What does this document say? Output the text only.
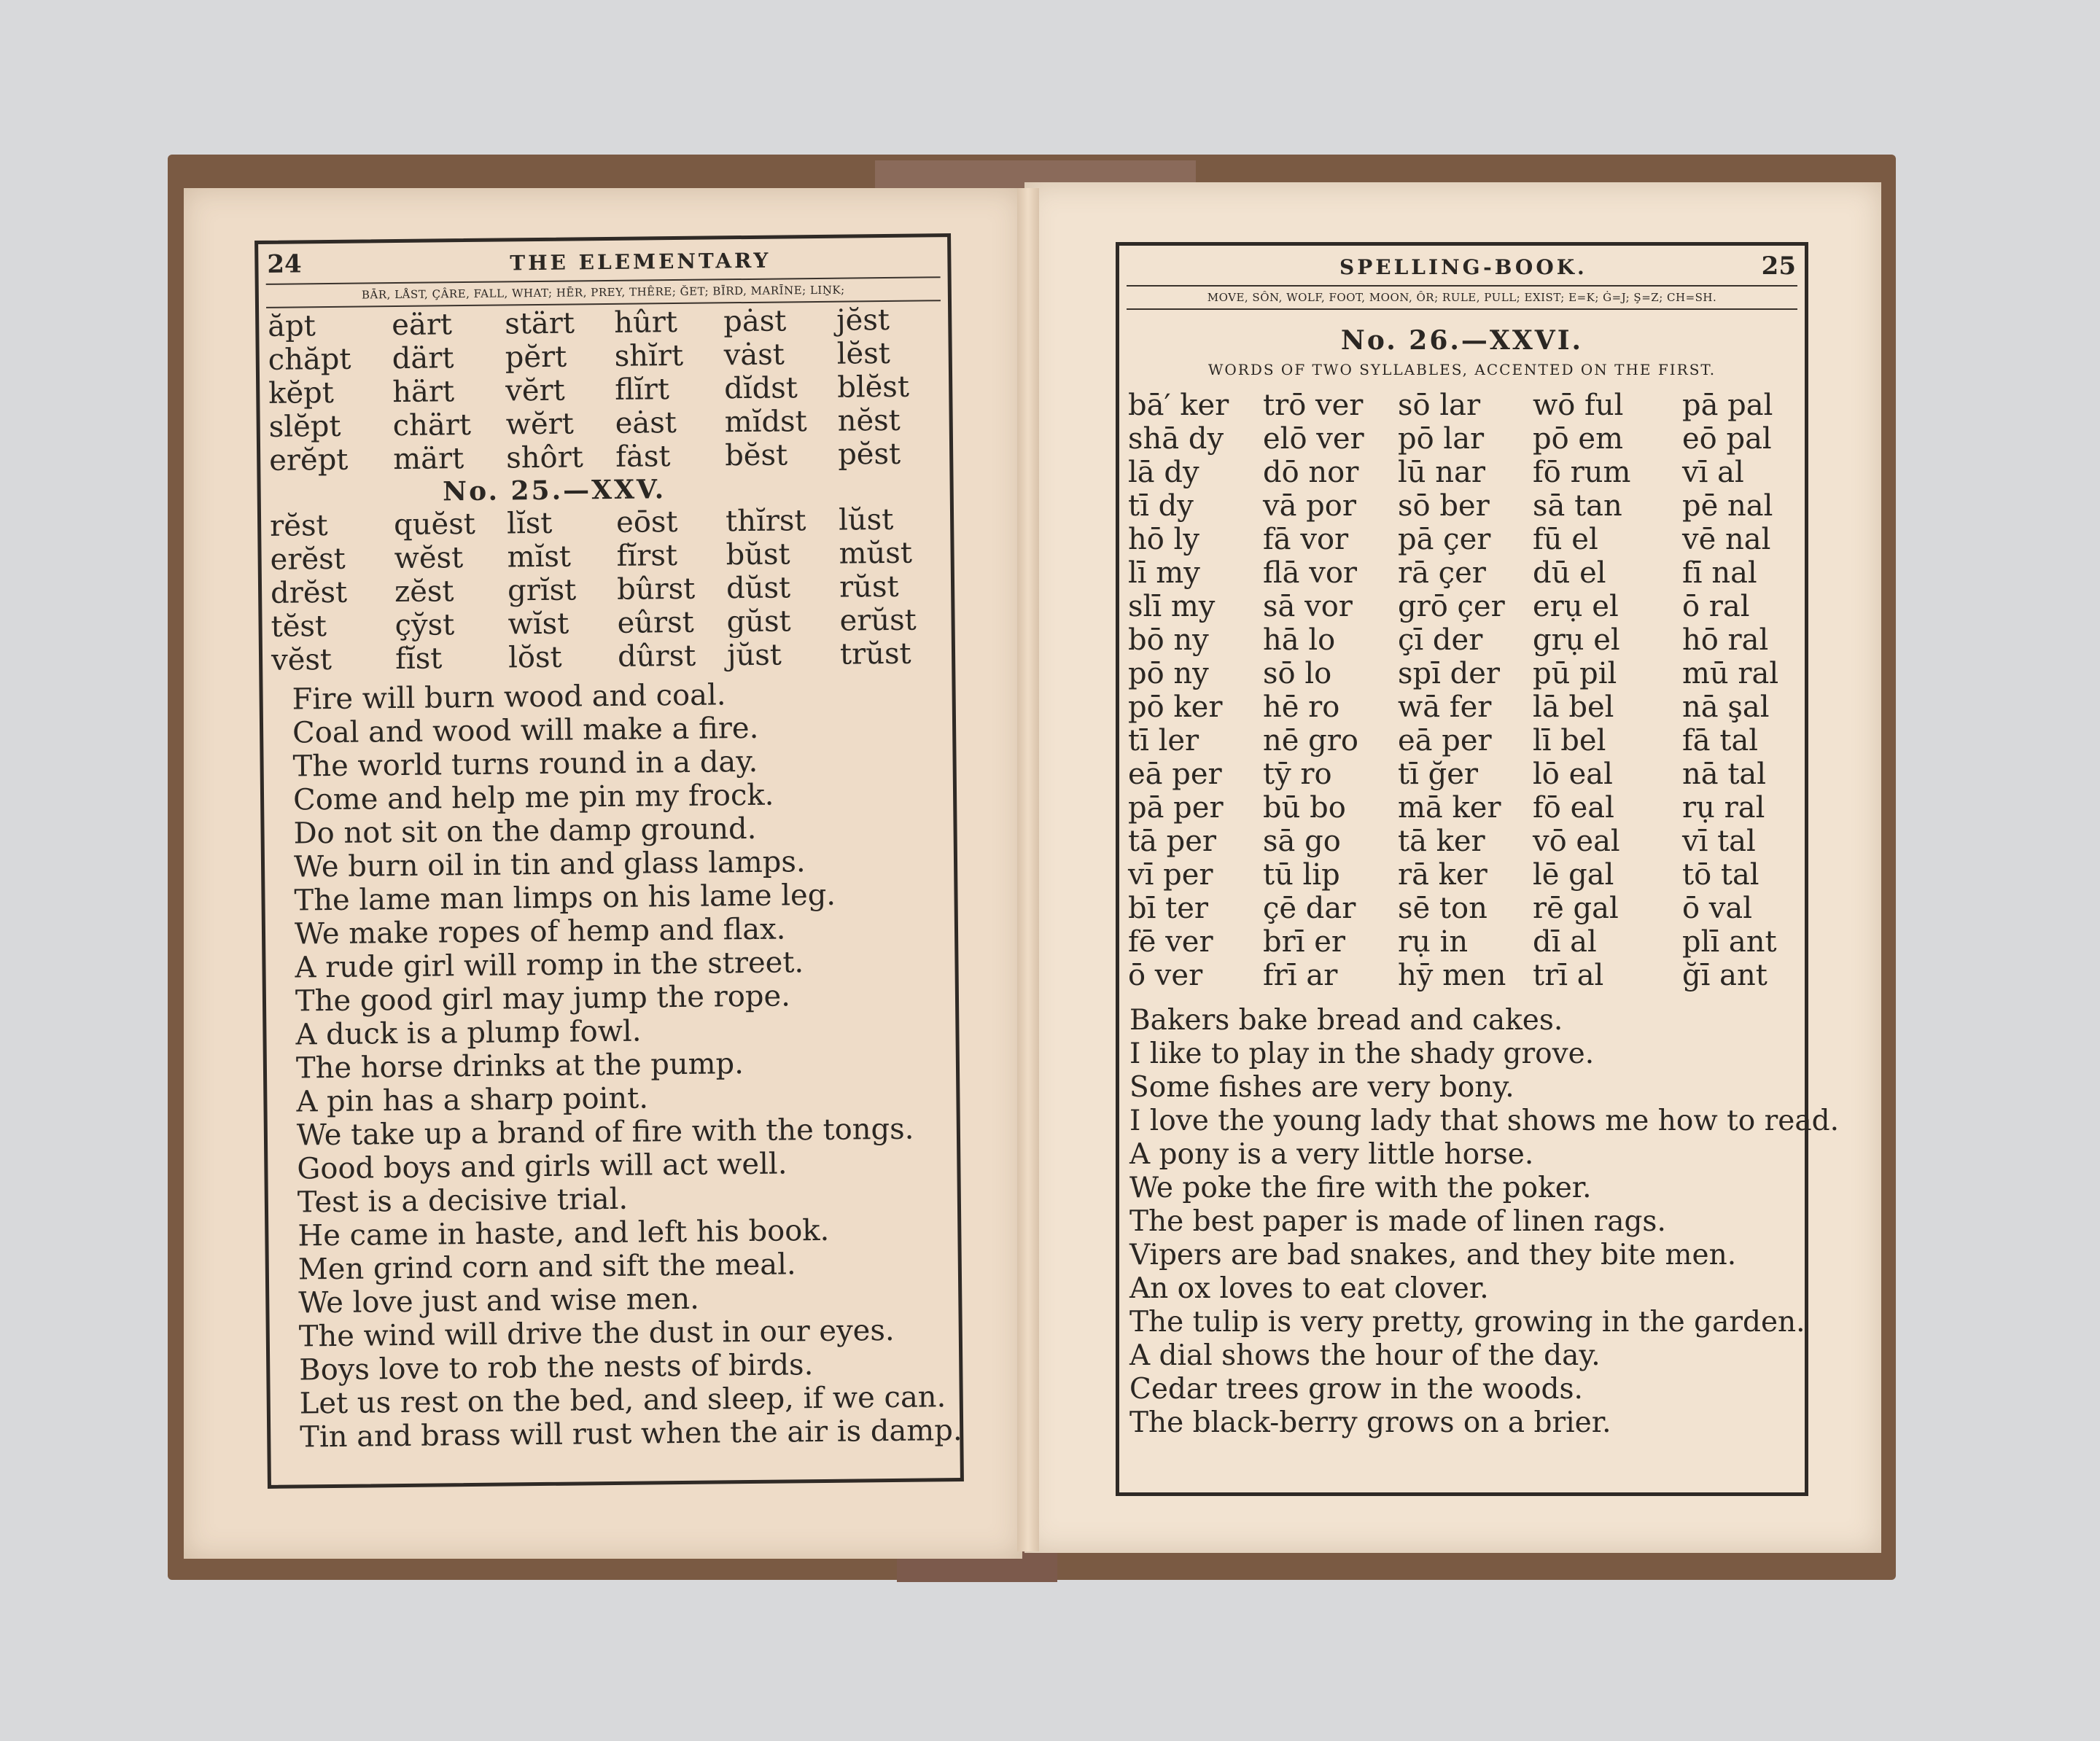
24	THE ELEMENTARY
BĀR, LÅST, ÇÂRE, FALL, WHAT; HĒR, PREY, THÊRE; ĞET; BĪRD, MARĪNE; LIṈK;
ăpt	eärt	stärt	hûrt	pȧst	jĕst
chăpt	därt	pĕrt	shĭrt	vȧst	lĕst
kĕpt	härt	vĕrt	flĭrt	dĭdst	blĕst
slĕpt	chärt	wĕrt	eȧst	mĭdst	nĕst
erĕpt	märt	shôrt	fȧst	bĕst	pĕst
No. 25.—XXV.
rĕst	quĕst	lĭst	eōst	thĭrst	lŭst
erĕst	wĕst	mĭst	fĭrst	bŭst	mŭst
drĕst	zĕst	grĭst	bûrst	dŭst	rŭst
tĕst	çy̆st	wĭst	eûrst	gŭst	erŭst
vĕst	fĭst	lŏst	dûrst	jŭst	trŭst
Fire will burn wood and coal.
Coal and wood will make a fire.
The world turns round in a day.
Come and help me pin my frock.
Do not sit on the damp ground.
We burn oil in tin and glass lamps.
The lame man limps on his lame leg.
We make ropes of hemp and flax.
A rude girl will romp in the street.
The good girl may jump the rope.
A duck is a plump fowl.
The horse drinks at the pump.
A pin has a sharp point.
We take up a brand of fire with the tongs.
Good boys and girls will act well.
Test is a decisive trial.
He came in haste, and left his book.
Men grind corn and sift the meal.
We love just and wise men.
The wind will drive the dust in our eyes.
Boys love to rob the nests of birds.
Let us rest on the bed, and sleep, if we can.
Tin and brass will rust when the air is damp.
SPELLING-BOOK.	25
MOVE, SÔN, WOLF, FOOT, MOON, ÔR; RULE, PULL; EXIST; E=K; Ġ=J; Ş=Z; CH=SH.
No. 26.—XXVI.
WORDS OF TWO SYLLABLES, ACCENTED ON THE FIRST.
bā′ ker	trō ver	sō lar	wō ful	pā pal
shā dy	elō ver	pō lar	pō em	eō pal
lā dy	dō nor	lū nar	fō rum	vī al
tī dy	vā por	sō ber	sā tan	pē nal
hō ly	fā vor	pā çer	fū el	vē nal
lī my	flā vor	rā çer	dū el	fī nal
slī my	sā vor	grō çer	erụ el	ō ral
bō ny	hā lo	çī der	grụ el	hō ral
pō ny	sō lo	spī der	pū pil	mū ral
pō ker	hē ro	wā fer	lā bel	nā şal
tī ler	nē gro	eā per	lī bel	fā tal
eā per	tȳ ro	tī ğer	lō eal	nā tal
pā per	bū bo	mā ker	fō eal	rụ ral
tā per	sā go	tā ker	vō eal	vī tal
vī per	tū lip	rā ker	lē gal	tō tal
bī ter	çē dar	sē ton	rē gal	ō val
fē ver	brī er	rụ in	dī al	plī ant
ō ver	frī ar	hȳ men	trī al	ğī ant
Bakers bake bread and cakes.
I like to play in the shady grove.
Some fishes are very bony.
I love the young lady that shows me how to read.
A pony is a very little horse.
We poke the fire with the poker.
The best paper is made of linen rags.
Vipers are bad snakes, and they bite men.
An ox loves to eat clover.
The tulip is very pretty, growing in the garden.
A dial shows the hour of the day.
Cedar trees grow in the woods.
The black-berry grows on a brier.
